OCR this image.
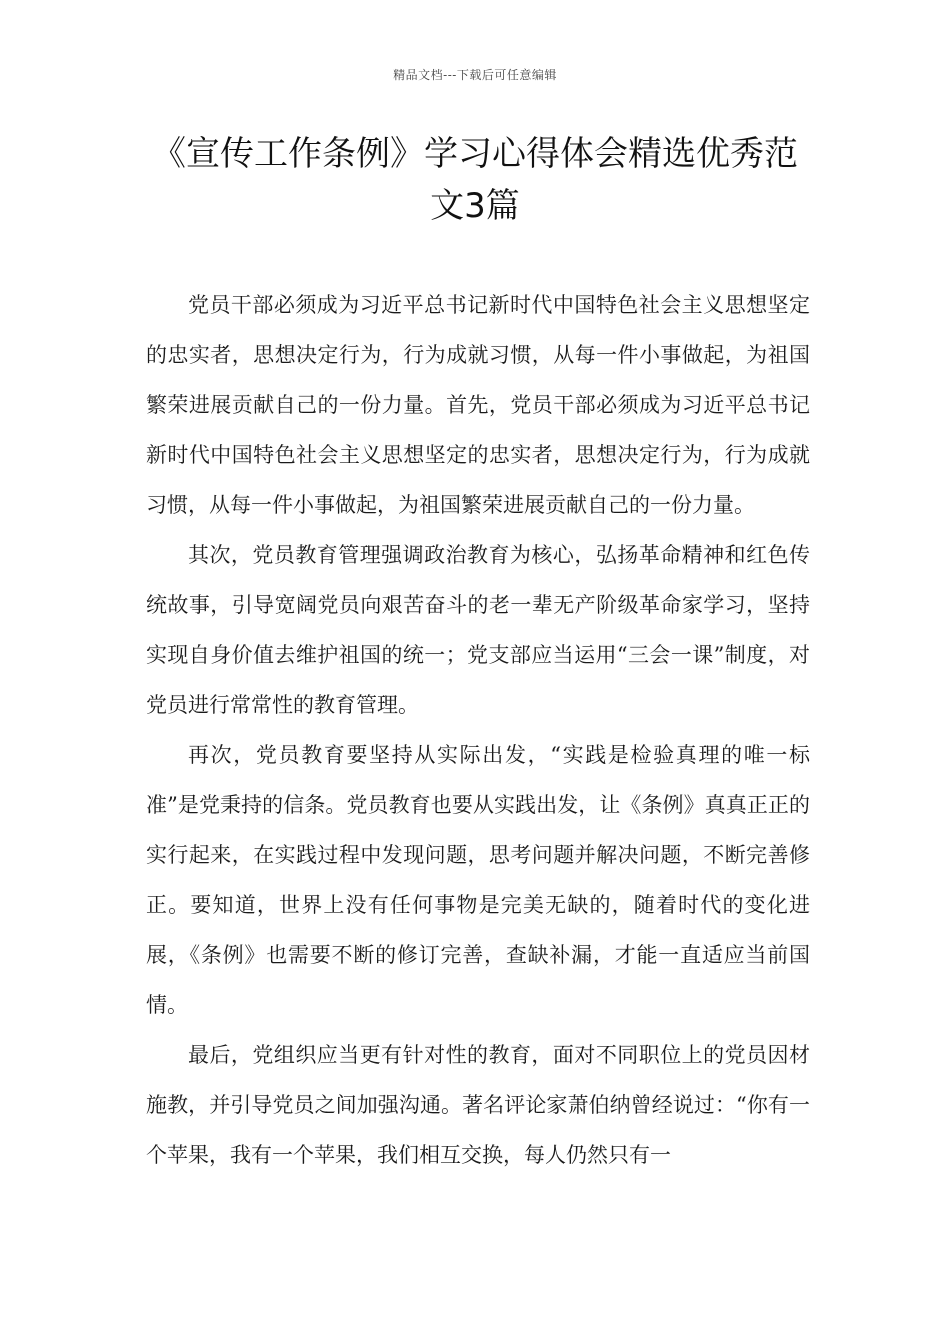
精品文档---下载后可任意编辑
《宣传工作条例》学习心得体会精选优秀范文3篇

党员干部必须成为习近平总书记新时代中国特色社会主义思想坚定的忠实者，思想决定行为，行为成就习惯，从每一件小事做起，为祖国繁荣进展贡献自己的一份力量。首先，党员干部必须成为习近平总书记新时代中国特色社会主义思想坚定的忠实者，思想决定行为，行为成就习惯，从每一件小事做起，为祖国繁荣进展贡献自己的一份力量。

其次，党员教育管理强调政治教育为核心，弘扬革命精神和红色传统故事，引导宽阔党员向艰苦奋斗的老一辈无产阶级革命家学习，坚持实现自身价值去维护祖国的统一；党支部应当运用“三会一课”制度，对党员进行常常性的教育管理。

再次，党员教育要坚持从实际出发，“实践是检验真理的唯一标准”是党秉持的信条。党员教育也要从实践出发，让《条例》真真正正的实行起来，在实践过程中发现问题，思考问题并解决问题，不断完善修正。要知道，世界上没有任何事物是完美无缺的，随着时代的变化进展，《条例》也需要不断的修订完善，查缺补漏，才能一直适应当前国情。

最后，党组织应当更有针对性的教育，面对不同职位上的党员因材施教，并引导党员之间加强沟通。著名评论家萧伯纳曾经说过：“你有一个苹果，我有一个苹果，我们相互交换，每人仍然只有一
